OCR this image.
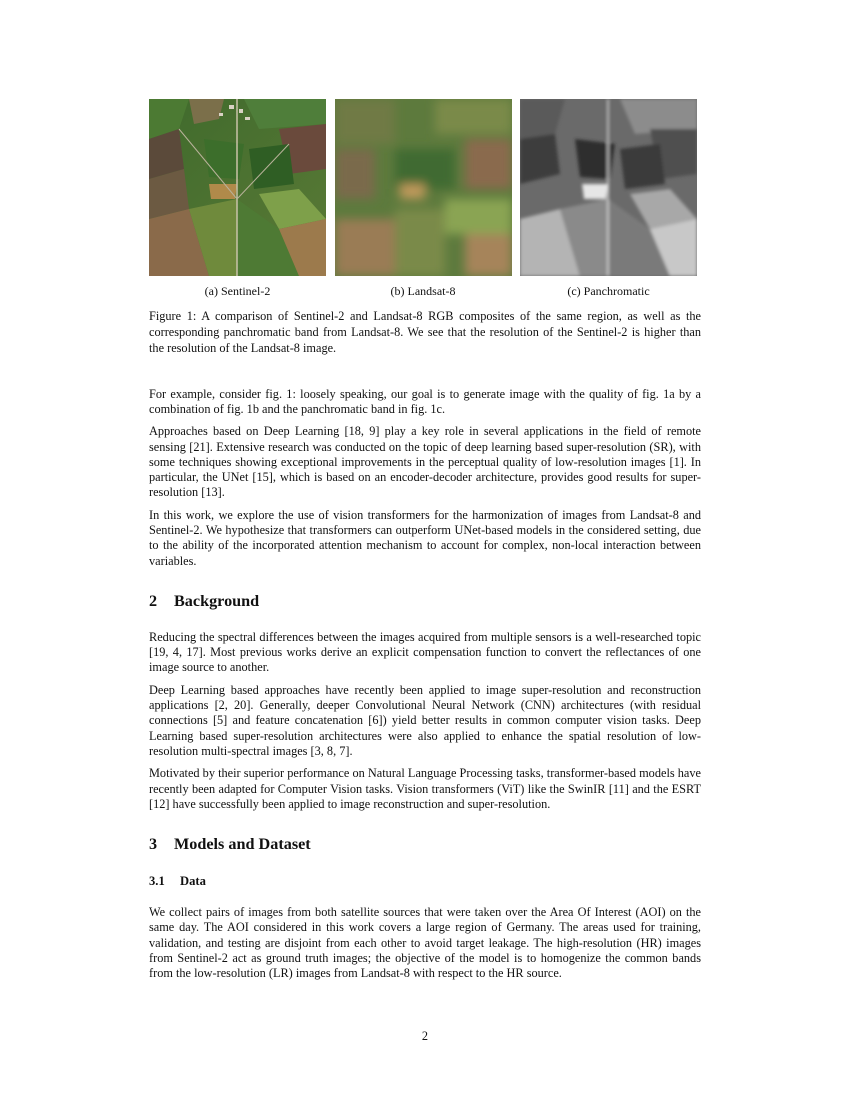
(a) Sentinel-2	(b) Landsat-8	(c) Panchromatic
Figure 1: A comparison of Sentinel-2 and Landsat-8 RGB composites of the same region, as well as the corresponding panchromatic band from Landsat-8. We see that the resolution of the Sentinel-2 is higher than the resolution of the Landsat-8 image.

For example, consider fig. 1: loosely speaking, our goal is to generate image with the quality of fig. 1a by a combination of fig. 1b and the panchromatic band in fig. 1c.

Approaches based on Deep Learning [18, 9] play a key role in several applications in the field of remote sensing [21]. Extensive research was conducted on the topic of deep learning based super-resolution (SR), with some techniques showing exceptional improvements in the perceptual quality of low-resolution images [1]. In particular, the UNet [15], which is based on an encoder-decoder architecture, provides good results for super-resolution [13].

In this work, we explore the use of vision transformers for the harmonization of images from Landsat-8 and Sentinel-2. We hypothesize that transformers can outperform UNet-based models in the considered setting, due to the ability of the incorporated attention mechanism to account for complex, non-local interaction between variables.

2 Background

Reducing the spectral differences between the images acquired from multiple sensors is a well-researched topic [19, 4, 17]. Most previous works derive an explicit compensation function to convert the reflectances of one image source to another.

Deep Learning based approaches have recently been applied to image super-resolution and reconstruction applications [2, 20]. Generally, deeper Convolutional Neural Network (CNN) architectures (with residual connections [5] and feature concatenation [6]) yield better results in common computer vision tasks. Deep Learning based super-resolution architectures were also applied to enhance the spatial resolution of low-resolution multi-spectral images [3, 8, 7].

Motivated by their superior performance on Natural Language Processing tasks, transformer-based models have recently been adapted for Computer Vision tasks. Vision transformers (ViT) like the SwinIR [11] and the ESRT [12] have successfully been applied to image reconstruction and super-resolution.

3 Models and Dataset
3.1 Data

We collect pairs of images from both satellite sources that were taken over the Area Of Interest (AOI) on the same day. The AOI considered in this work covers a large region of Germany. The areas used for training, validation, and testing are disjoint from each other to avoid target leakage. The high-resolution (HR) images from Sentinel-2 act as ground truth images; the objective of the model is to homogenize the common bands from the low-resolution (LR) images from Landsat-8 with respect to the HR source.

2
